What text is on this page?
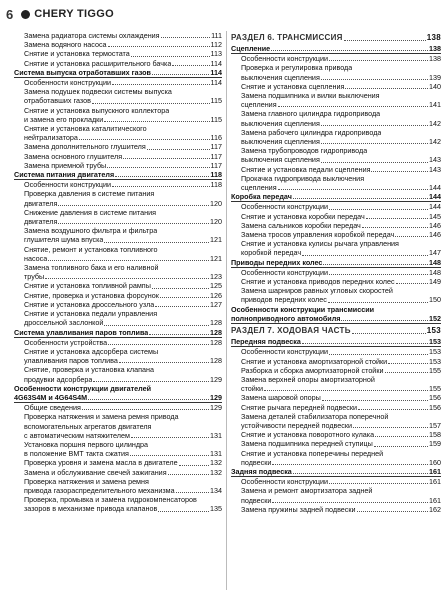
6 CHERY TIGGO
Замена радиатора системы охлаждения	111
Замена водяного насоса	112
Снятие и установка термостата	113
Снятие и установка расширительного бачка	114
Система выпуска отработавших газов	114
Особенности конструкции	114
Замена подушек подвески системы выпуска
отработавших газов	115
Снятие и установка выпускного коллектора
и замена его прокладки	115
Снятие и установка каталитического
нейтрализатора	116
Замена дополнительного глушителя	117
Замена основного глушителя	117
Замена приемной трубы	117
Система питания двигателя	118
Особенности конструкции	118
Проверка давления в системе питания
двигателя	120
Снижение давления в системе питания
двигателя	120
Замена воздушного фильтра и фильтра
глушителя шума впуска	121
Снятие, ремонт и установка топливного
насоса	121
Замена топливного бака и его наливной
трубы	123
Снятие и установка топливной рампы	125
Снятие, проверка и установка форсунок	126
Снятие и установка дроссельного узла	127
Снятие и установка педали управления
дроссельной заслонкой	128
Система улавливания паров топлива	128
Особенности устройства	128
Снятие и установка адсорбера системы
улавливания паров топлива	128
Снятие, проверка и установка клапана
продувки адсорбера	129
Особенности конструкции двигателей
4G63S4M и 4G64S4M	129
Общие сведения	129
Проверка натяжения и замена ремня привода
вспомогательных агрегатов двигателя
с автоматическим натяжителем	131
Установка поршня первого цилиндра
в положение ВМТ такта сжатия	131
Проверка уровня и замена масла в двигателе	132
Замена и обслуживание свечей зажигания	132
Проверка натяжения и замена ремня
привода газораспределительного механизма	134
Проверка, промывка и замена гидрокомпенсаторов
зазоров в механизме привода клапанов	135
РАЗДЕЛ 6. ТРАНСМИССИЯ	138
Сцепление	138
Особенности конструкции	138
Проверка и регулировка привода
выключения сцепления	139
Снятие и установка сцепления	140
Замена подшипника и вилки выключения
сцепления	141
Замена главного цилиндра гидропривода
выключения сцепления	142
Замена рабочего цилиндра гидропривода
выключения сцепления	142
Замена трубопроводов гидропривода
выключения сцепления	143
Снятие и установка педали сцепления	143
Прокачка гидропривода выключения
сцепления	144
Коробка передач	144
Особенности конструкции	144
Снятие и установка коробки передач	145
Замена сальников коробки передач	146
Замена тросов управления коробкой передач	146
Снятие и установка кулисы рычага управления
коробкой передач	147
Приводы передних колес	148
Особенности конструкции	148
Снятие и установка приводов передних колес	149
Замена шарниров равных угловых скоростей
приводов передних колес	150
Особенности конструкции трансмиссии
полноприводного автомобиля	152
РАЗДЕЛ 7. ХОДОВАЯ ЧАСТЬ	153
Передняя подвеска	153
Особенности конструкции	153
Снятие и установка амортизаторной стойки	153
Разборка и сборка амортизаторной стойки	155
Замена верхней опоры амортизаторной
стойки	155
Замена шаровой опоры	156
Снятие рычага передней подвески	156
Замена деталей стабилизатора поперечной
устойчивости передней подвески	157
Снятие и установка поворотного кулака	158
Замена подшипника передней ступицы	159
Снятие и установка поперечины передней
подвески	160
Задняя подвеска	161
Особенности конструкции	161
Замена и ремонт амортизатора задней
подвески	161
Замена пружины задней подвески	162
